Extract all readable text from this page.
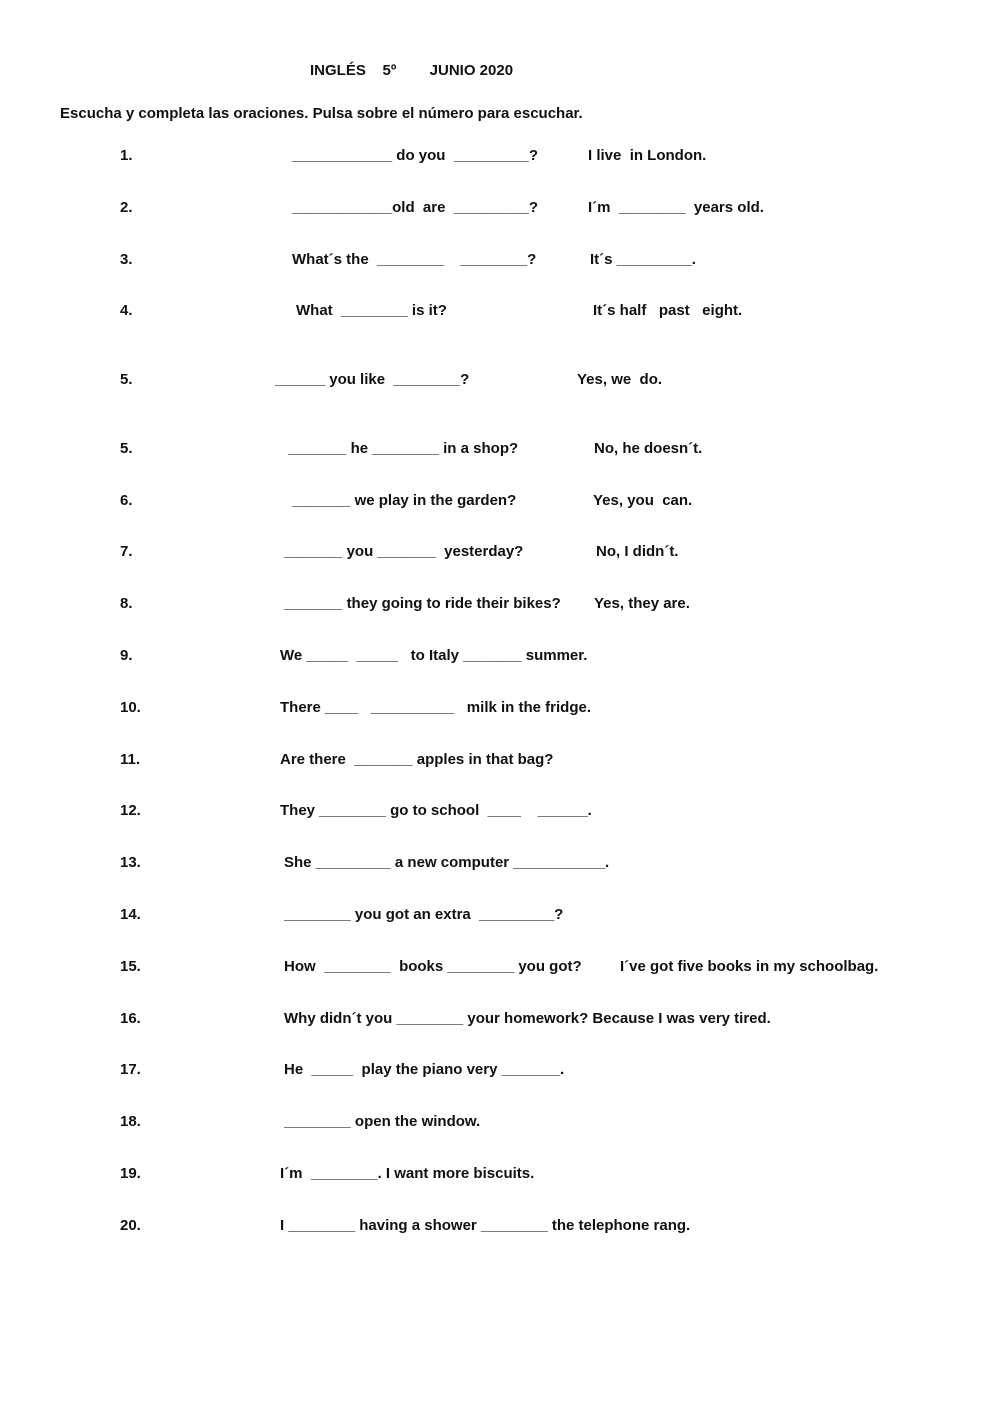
INGLÉS    5º        JUNIO 2020
Escucha y completa las oraciones. Pulsa sobre el número para escuchar.
1.	____________ do you  _________?	I live  in London.
2.	____________old  are  _________?	I´m  ________  years old.
3.	What´s the  ________    ________?	It´s _________.
4.	What  ________ is it?	It´s half   past   eight.
5.	______ you like  ________?	Yes, we  do.
5.	_______ he ________ in a shop?	No, he doesn´t.
6.	_______ we play in the garden?	Yes, you  can.
7.	_______ you _______  yesterday?	No, I didn´t.
8.	_______ they going to ride their bikes? Yes, they are.
9.	We _____  _____   to Italy _______ summer.
10.	There ____   __________   milk in the fridge.
11.	Are there  _______ apples in that bag?
12.	They ________ go to school  ____    ______.
13.	She _________ a new computer ___________.
14.	________ you got an extra  _________?
15.	How  ________  books ________ you got?	I´ve got five books in my schoolbag.
16.	Why didn´t you ________ your homework? Because I was very tired.
17.	He  _____  play the piano very _______.
18.	________ open the window.
19.	I´m  ________. I want more biscuits.
20.	I ________ having a shower ________ the telephone rang.
